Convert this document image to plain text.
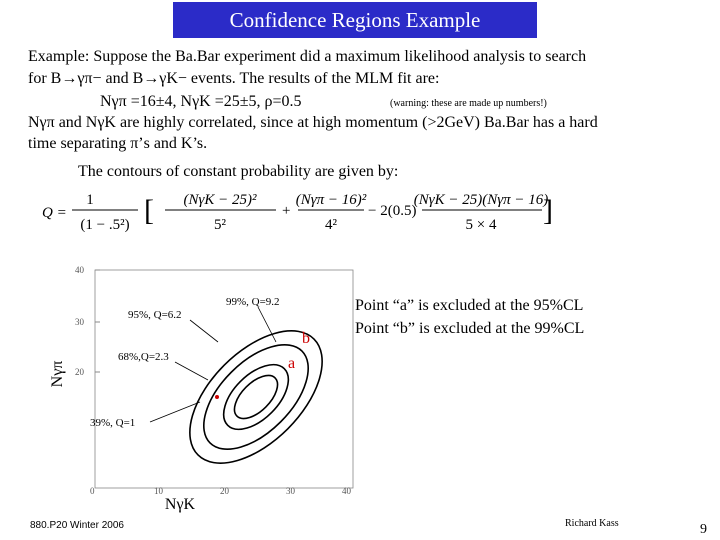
Confidence Regions Example
Example: Suppose the Ba.Bar experiment did a maximum likelihood analysis to search
for B→γπ− and B→γK− events. The results of the MLM fit are:
Nγπ =16±4, NγK =25±5, ρ=0.5	(warning: these are made up numbers!)
Nγπ and NγK are highly correlated, since at high momentum (>2GeV) Ba.Bar has a hard
time separating π’s and K’s.
The contours of constant probability are given by:
Q =
1
(1 − .5²) [ (NγK − 25)²
5²
+
(Nγπ − 16)²
4²
− 2(0.5)
(NγK − 25)(Nγπ − 16)
5 × 4 ]
40
30
20
0	10	20	30	40
Nγπ
NγK
99%, Q=9.2
95%, Q=6.2
68%,Q=2.3
39%, Q=1
b
a
Point “a” is excluded at the 95%CL
Point “b” is excluded at the 99%CL
880.P20 Winter 2006	Richard Kass	9
